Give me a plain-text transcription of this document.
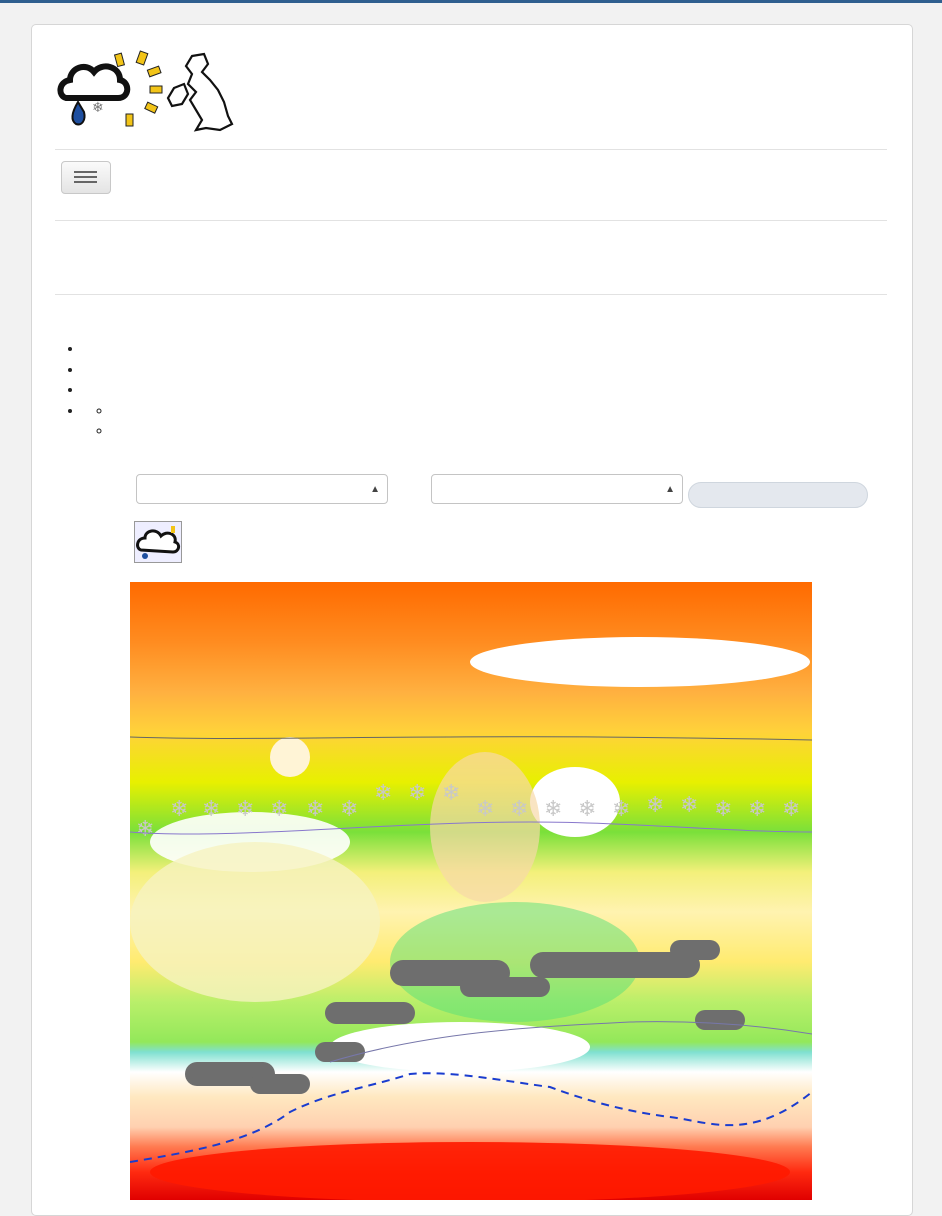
❄
•
•
•
•
◦
◦
▲	▲
❄
❄ ❄ ❄ ❄ ❄ ❄
❄ ❄ ❄
❄ ❄ ❄ ❄ ❄ ❄ ❄ ❄ ❄ ❄
